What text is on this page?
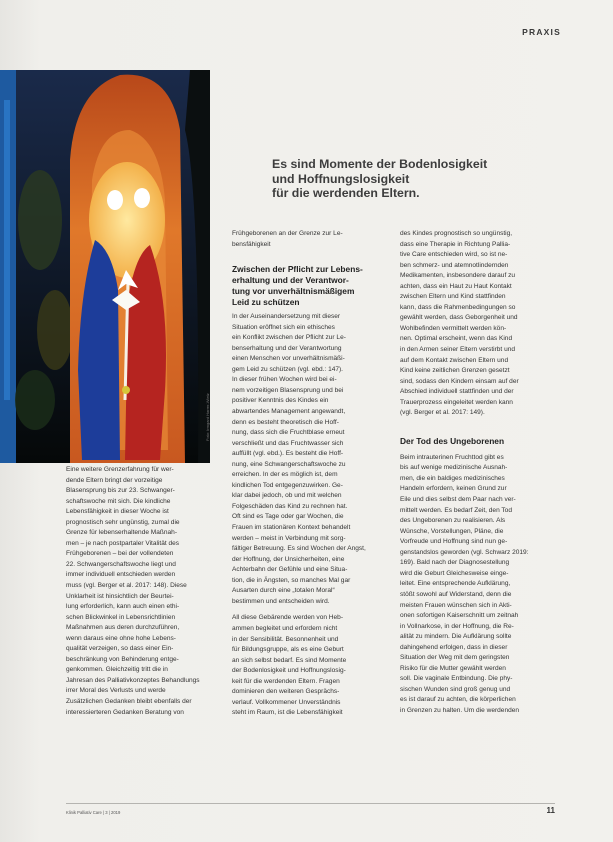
PRAXIS
Foto: Irmgard Harrer-Wietz
Es sind Momente der Bodenlosigkeit
und Hoffnungslosigkeit
für die werdenden Eltern.
Eine weitere Grenzerfahrung für wer-
dende Eltern bringt der vorzeitige
Blasensprung bis zur 23. Schwanger-
schaftswoche mit sich. Die kindliche
Lebensfähigkeit in dieser Woche ist
prognostisch sehr ungünstig, zumal die
Grenze für lebenserhaltende Maßnah-
men – je nach postpartaler Vitalität des
Frühgeborenen – bei der vollendeten
22. Schwangerschaftswoche liegt und
immer individuell entschieden werden
muss (vgl. Berger et al. 2017: 148). Diese
Unklarheit ist hinsichtlich der Beurtei-
lung erforderlich, kann auch einen ethi-
schen Blickwinkel in Lebensrichtlinien
Maßnahmen aus deren durchzuführen,
wenn daraus eine ohne hohe Lebens-
qualität verzeigen, so dass einer Ein-
beschränkung von Behinderung entge-
genkommen. Gleichzeitig tritt die in
Jahresan des Palliativkonzeptes Behandlungs
irrer Moral des Verlusts und werde
Zusätzlichen Gedanken bleibt ebenfalls der
interessierteren Gedanken Beratung von
Frühgeborenen an der Grenze zur Le-
bensfähigkeit
Zwischen der Pflicht zur Lebens-
erhaltung und der Verantwor-
tung vor unverhältnismäßigem
Leid zu schützen
In der Auseinandersetzung mit dieser
Situation eröffnet sich ein ethisches
ein Konflikt zwischen der Pflicht zur Le-
benserhaltung und der Verantwortung
einen Menschen vor unverhältnismäßi-
gem Leid zu schützen (vgl. ebd.: 147).
In dieser frühen Wochen wird bei ei-
nem vorzeitigen Blasensprung und bei
positiver Kenntnis des Kindes ein
abwartendes Management angewandt,
denn es besteht theoretisch die Hoff-
nung, dass sich die Fruchtblase erneut
verschließt und das Fruchtwasser sich
auffüllt (vgl. ebd.). Es besteht die Hoff-
nung, eine Schwangerschaftswoche zu
erreichen. In der es möglich ist, dem
kindlichen Tod entgegenzuwirken. Ge-
klar dabei jedoch, ob und mit welchen
Folgeschäden das Kind zu rechnen hat.
Oft sind es Tage oder gar Wochen, die
Frauen im stationären Kontext behandelt
werden – meist in Verbindung mit sorg-
fältiger Betreuung. Es sind Wochen der Angst,
der Hoffnung, der Unsicherheiten, eine
Achterbahn der Gefühle und eine Situa-
tion, die in Ängsten, so manches Mal gar
Ausarten durch eine „totalen Moral“
bestimmen und entscheiden wird.
All diese Gebärende werden von Heb-
ammen begleitet und erfordern nicht
in der Sensibilität. Besonnenheit und
für Bildungsgruppe, als es eine Geburt
an sich selbst bedarf. Es sind Momente
der Bodenlosigkeit und Hoffnungslosig-
keit für die werdenden Eltern. Fragen
dominieren den weiteren Gesprächs-
verlauf. Vollkommener Unverständnis
steht im Raum, ist die Lebensfähigkeit
des Kindes prognostisch so ungünstig,
dass eine Therapie in Richtung Pallia-
tive Care entschieden wird, so ist ne-
ben schmerz- und atemnotlindernden
Medikamenten, insbesondere darauf zu
achten, dass ein Haut zu Haut Kontakt
zwischen Eltern und Kind stattfinden
kann, dass die Rahmenbedingungen so
gewählt werden, dass Geborgenheit und
Wohlbefinden vermittelt werden kön-
nen. Optimal erscheint, wenn das Kind
in den Armen seiner Eltern verstirbt und
auf dem Kontakt zwischen Eltern und
Kind keine zeitlichen Grenzen gesetzt
sind, sodass den Kindern einsam auf der
Abschied individuell stattfinden und der
Trauerprozess eingeleitet werden kann
(vgl. Berger et al. 2017: 149).
Der Tod des Ungeborenen
Beim intrauterinen Fruchttod gibt es
bis auf wenige medizinische Ausnah-
men, die ein baldiges medizinisches
Handeln erfordern, keinen Grund zur
Eile und dies selbst dem Paar nach ver-
mittelt werden. Es bedarf Zeit, den Tod
des Ungeborenen zu realisieren. Als
Wünsche, Vorstellungen, Pläne, die
Vorfreude und Hoffnung sind nun ge-
genstandslos geworden (vgl. Schwarz 2019:
169). Bald nach der Diagnosestellung
wird die Geburt Gleichesweise einge-
leitet. Eine entsprechende Aufklärung,
stößt sowohl auf Widerstand, denn die
meisten Frauen wünschen sich in Akti-
onen sofortigen Kaiserschnitt um zeitnah
in Vollnarkose, in der Hoffnung, die Re-
alität zu mindern. Die Aufklärung sollte
dahingehend erfolgen, dass in dieser
Situation der Weg mit dem geringsten
Risiko für die Mutter gewählt werden
soll. Die vaginale Entbindung. Die phy-
sischen Wunden sind groß genug und
es ist darauf zu achten, die körperlichen
in Grenzen zu halten. Um die werdenden
Klinik Palliativ Care | 3 | 2019	11
